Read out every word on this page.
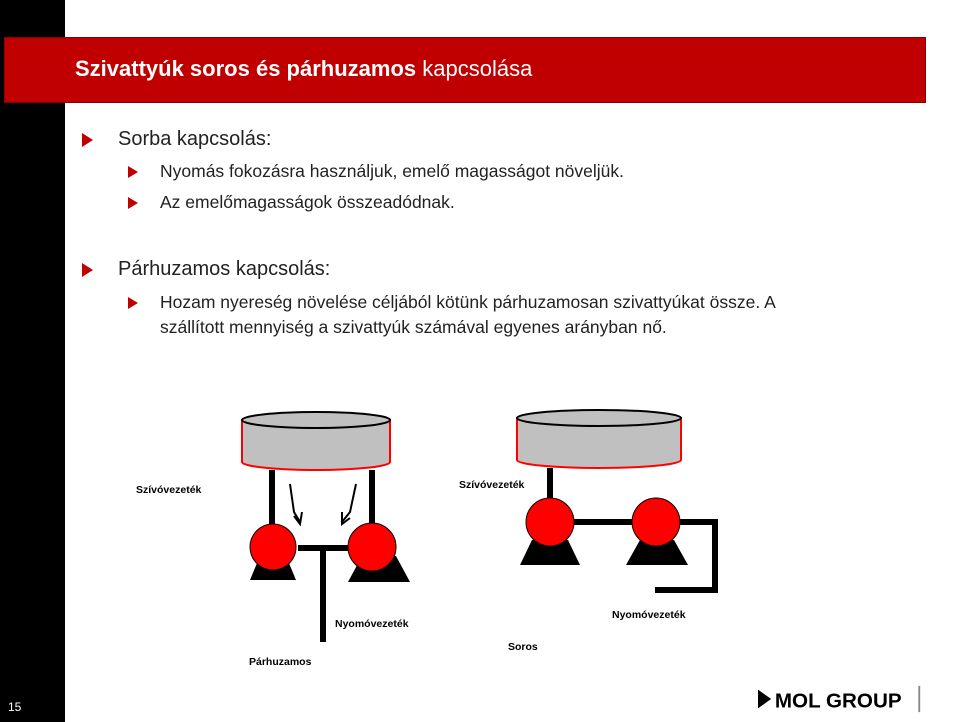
15
Szivattyúk soros és párhuzamos kapcsolása
Sorba kapcsolás:
Nyomás fokozásra használjuk, emelő magasságot növeljük.
Az emelőmagasságok összeadódnak.
Párhuzamos kapcsolás:
Hozam nyereség növelése céljából kötünk párhuzamosan szivattyúkat össze. A
szállított mennyiség a szivattyúk számával egyenes arányban nő.
Szívóvezeték
Nyomóvezeték
Párhuzamos
Szívóvezeték
Nyomóvezeték
Soros
MOL GROUP
